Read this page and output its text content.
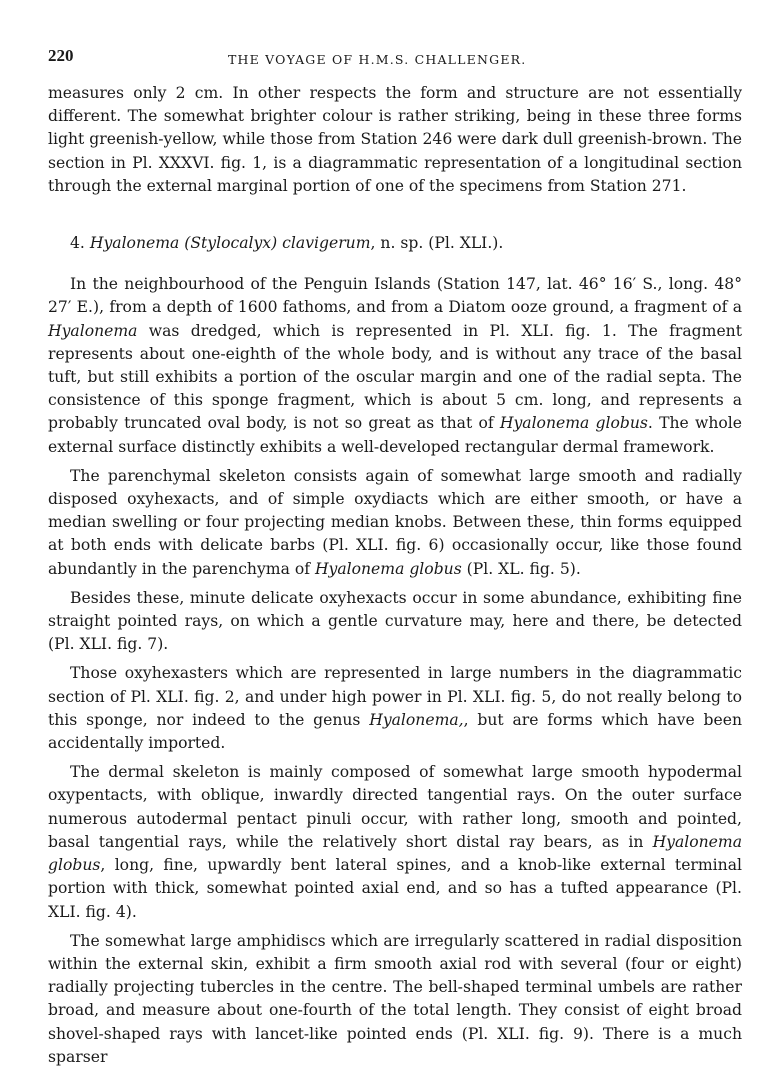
220	THE VOYAGE OF H.M.S. CHALLENGER.

measures only 2 cm. In other respects the form and structure are not essentially different. The somewhat brighter colour is rather striking, being in these three forms light greenish-yellow, while those from Station 246 were dark dull greenish-brown. The section in Pl. XXXVI. fig. 1, is a diagrammatic representation of a longitudinal section through the external marginal portion of one of the specimens from Station 271.

4. Hyalonema (Stylocalyx) clavigerum, n. sp. (Pl. XLI.).

In the neighbourhood of the Penguin Islands (Station 147, lat. 46° 16′ S., long. 48° 27′ E.), from a depth of 1600 fathoms, and from a Diatom ooze ground, a fragment of a Hyalonema was dredged, which is represented in Pl. XLI. fig. 1. The fragment represents about one-eighth of the whole body, and is without any trace of the basal tuft, but still exhibits a portion of the oscular margin and one of the radial septa. The consistence of this sponge fragment, which is about 5 cm. long, and represents a probably truncated oval body, is not so great as that of Hyalonema globus. The whole external surface distinctly exhibits a well-developed rectangular dermal framework.

The parenchymal skeleton consists again of somewhat large smooth and radially disposed oxyhexacts, and of simple oxydiacts which are either smooth, or have a median swelling or four projecting median knobs. Between these, thin forms equipped at both ends with delicate barbs (Pl. XLI. fig. 6) occasionally occur, like those found abundantly in the parenchyma of Hyalonema globus (Pl. XL. fig. 5).

Besides these, minute delicate oxyhexacts occur in some abundance, exhibiting fine straight pointed rays, on which a gentle curvature may, here and there, be detected (Pl. XLI. fig. 7).

Those oxyhexasters which are represented in large numbers in the diagrammatic section of Pl. XLI. fig. 2, and under high power in Pl. XLI. fig. 5, do not really belong to this sponge, nor indeed to the genus Hyalonema,, but are forms which have been accidentally imported.

The dermal skeleton is mainly composed of somewhat large smooth hypodermal oxypentacts, with oblique, inwardly directed tangential rays. On the outer surface numerous autodermal pentact pinuli occur, with rather long, smooth and pointed, basal tangential rays, while the relatively short distal ray bears, as in Hyalonema globus, long, fine, upwardly bent lateral spines, and a knob-like external terminal portion with thick, somewhat pointed axial end, and so has a tufted appearance (Pl. XLI. fig. 4).

The somewhat large amphidiscs which are irregularly scattered in radial disposition within the external skin, exhibit a firm smooth axial rod with several (four or eight) radially projecting tubercles in the centre. The bell-shaped terminal umbels are rather broad, and measure about one-fourth of the total length. They consist of eight broad shovel-shaped rays with lancet-like pointed ends (Pl. XLI. fig. 9). There is a much sparser
